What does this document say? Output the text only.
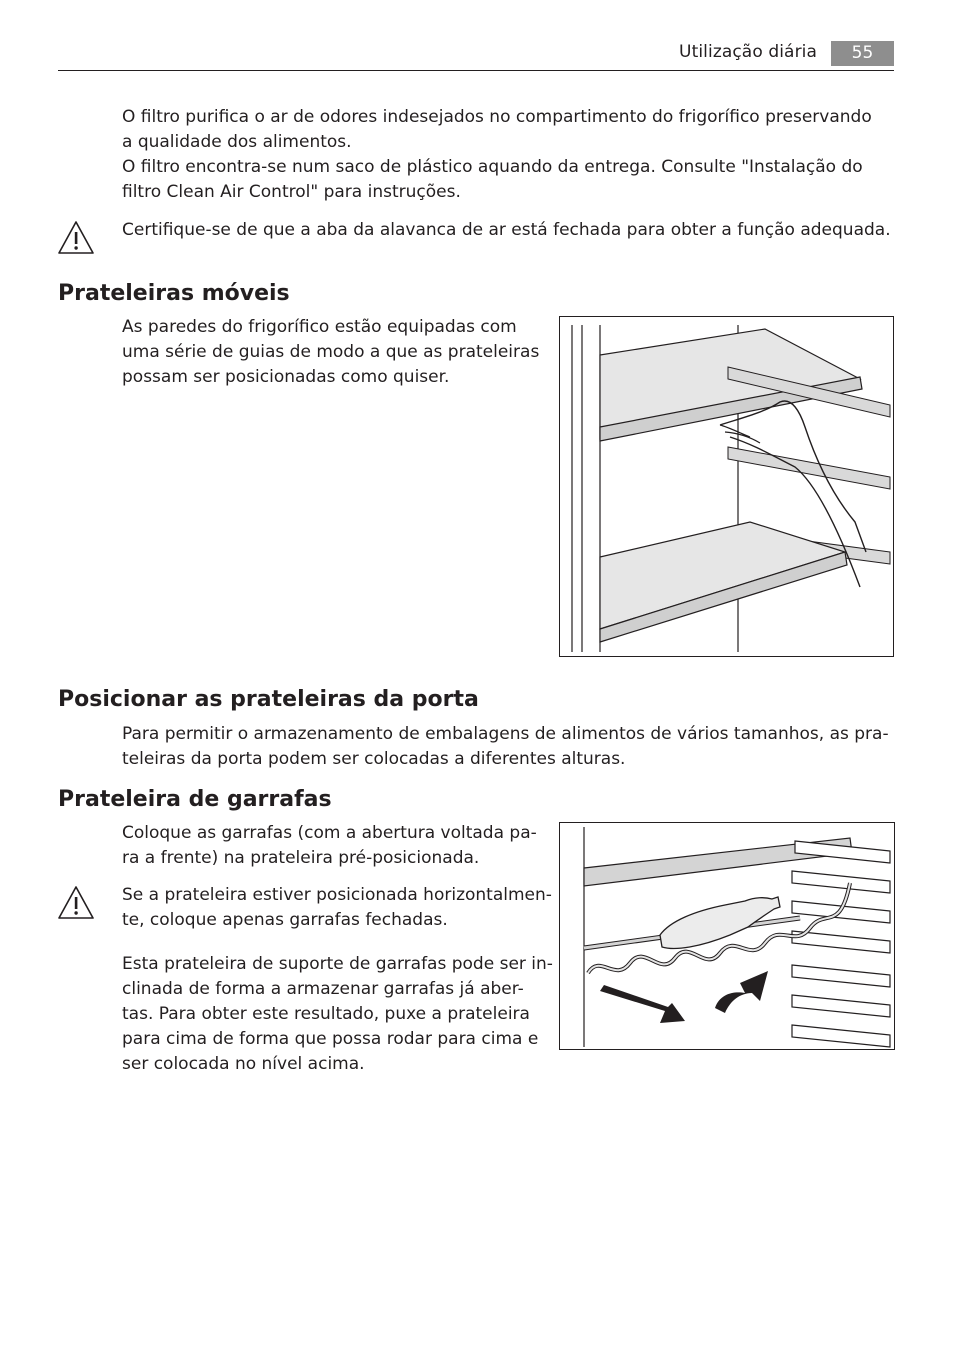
Utilização diária	55

O filtro purifica o ar de odores indesejados no compartimento do frigorífico preservando

a qualidade dos alimentos.

O filtro encontra-se num saco de plástico aquando da entrega. Consulte "Instalação do

filtro Clean Air Control" para instruções.

Certifique-se de que a aba da alavanca de ar está fechada para obter a função adequada.

Prateleiras móveis

As paredes do frigorífico estão equipadas com

uma série de guias de modo a que as prateleiras

possam ser posicionadas como quiser.

Posicionar as prateleiras da porta

Para permitir o armazenamento de embalagens de alimentos de vários tamanhos, as pra-

teleiras da porta podem ser colocadas a diferentes alturas.

Prateleira de garrafas

Coloque as garrafas (com a abertura voltada pa-

ra a frente) na prateleira pré-posicionada.

Se a prateleira estiver posicionada horizontalmen-

te, coloque apenas garrafas fechadas.

Esta prateleira de suporte de garrafas pode ser in-

clinada de forma a armazenar garrafas já aber-

tas. Para obter este resultado, puxe a prateleira

para cima de forma que possa rodar para cima e

ser colocada no nível acima.
